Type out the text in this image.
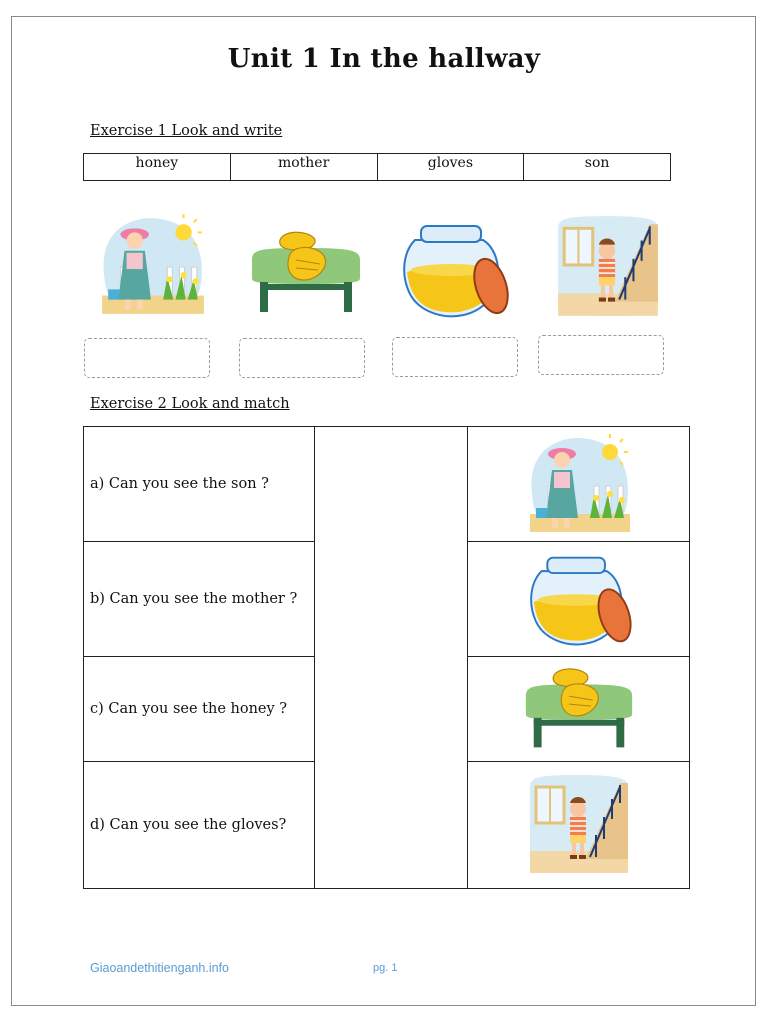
Unit 1 In the hallway
Exercise 1 Look and write
honey	mother	gloves	son
Exercise 2 Look and match
a) Can you see the son ?		

b) Can you see the mother ?	

c) Can you see the honey ?	

d) Can you see the gloves?	
Giaoandethitienganh.info	pg. 1
